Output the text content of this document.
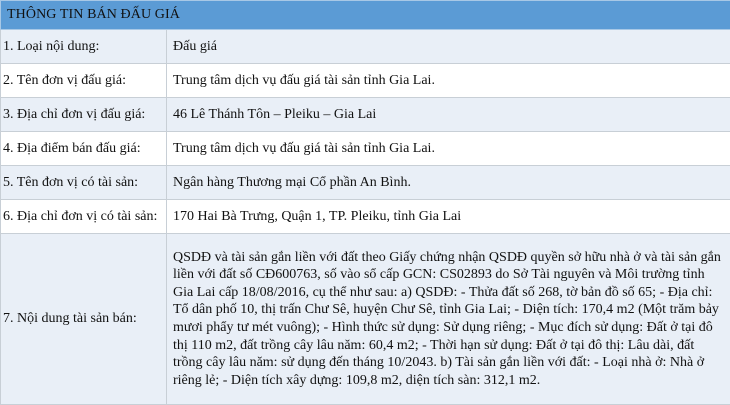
THÔNG TIN BÁN ĐẤU GIÁ	
1. Loại nội dung:	Đấu giá
2. Tên đơn vị đấu giá:	Trung tâm dịch vụ đấu giá tài sản tỉnh Gia Lai.
3. Địa chỉ đơn vị đấu giá:	46 Lê Thánh Tôn – Pleiku – Gia Lai
4. Địa điểm bán đấu giá:	Trung tâm dịch vụ đấu giá tài sản tỉnh Gia Lai.
5. Tên đơn vị có tài sản:	Ngân hàng Thương mại Cổ phần An Bình.
6. Địa chỉ đơn vị có tài sản:	170 Hai Bà Trưng, Quận 1, TP. Pleiku, tỉnh Gia Lai
7. Nội dung tài sản bán:	QSDĐ và tài sản gắn liền với đất theo Giấy chứng nhận QSDĐ quyền sở hữu nhà ở và tài sản gắn liền với đất số CĐ600763, số vào sổ cấp GCN: CS02893 do Sở Tài nguyên và Môi trường tỉnh Gia Lai cấp 18/08/2016, cụ thể như sau: a) QSDĐ: - Thửa đất số 268, tờ bản đồ số 65; - Địa chỉ: Tổ dân phố 10, thị trấn Chư Sê, huyện Chư Sê, tỉnh Gia Lai; - Diện tích: 170,4 m2 (Một trăm bảy mươi phẩy tư mét vuông); - Hình thức sử dụng: Sử dụng riêng; - Mục đích sử dụng: Đất ở tại đô thị 110 m2, đất trồng cây lâu năm: 60,4 m2; - Thời hạn sử dụng: Đất ở tại đô thị: Lâu dài, đất trồng cây lâu năm: sử dụng đến tháng 10/2043. b) Tài sản gắn liền với đất: - Loại nhà ở: Nhà ở riêng lẻ; - Diện tích xây dựng: 109,8 m2, diện tích sàn: 312,1 m2.
